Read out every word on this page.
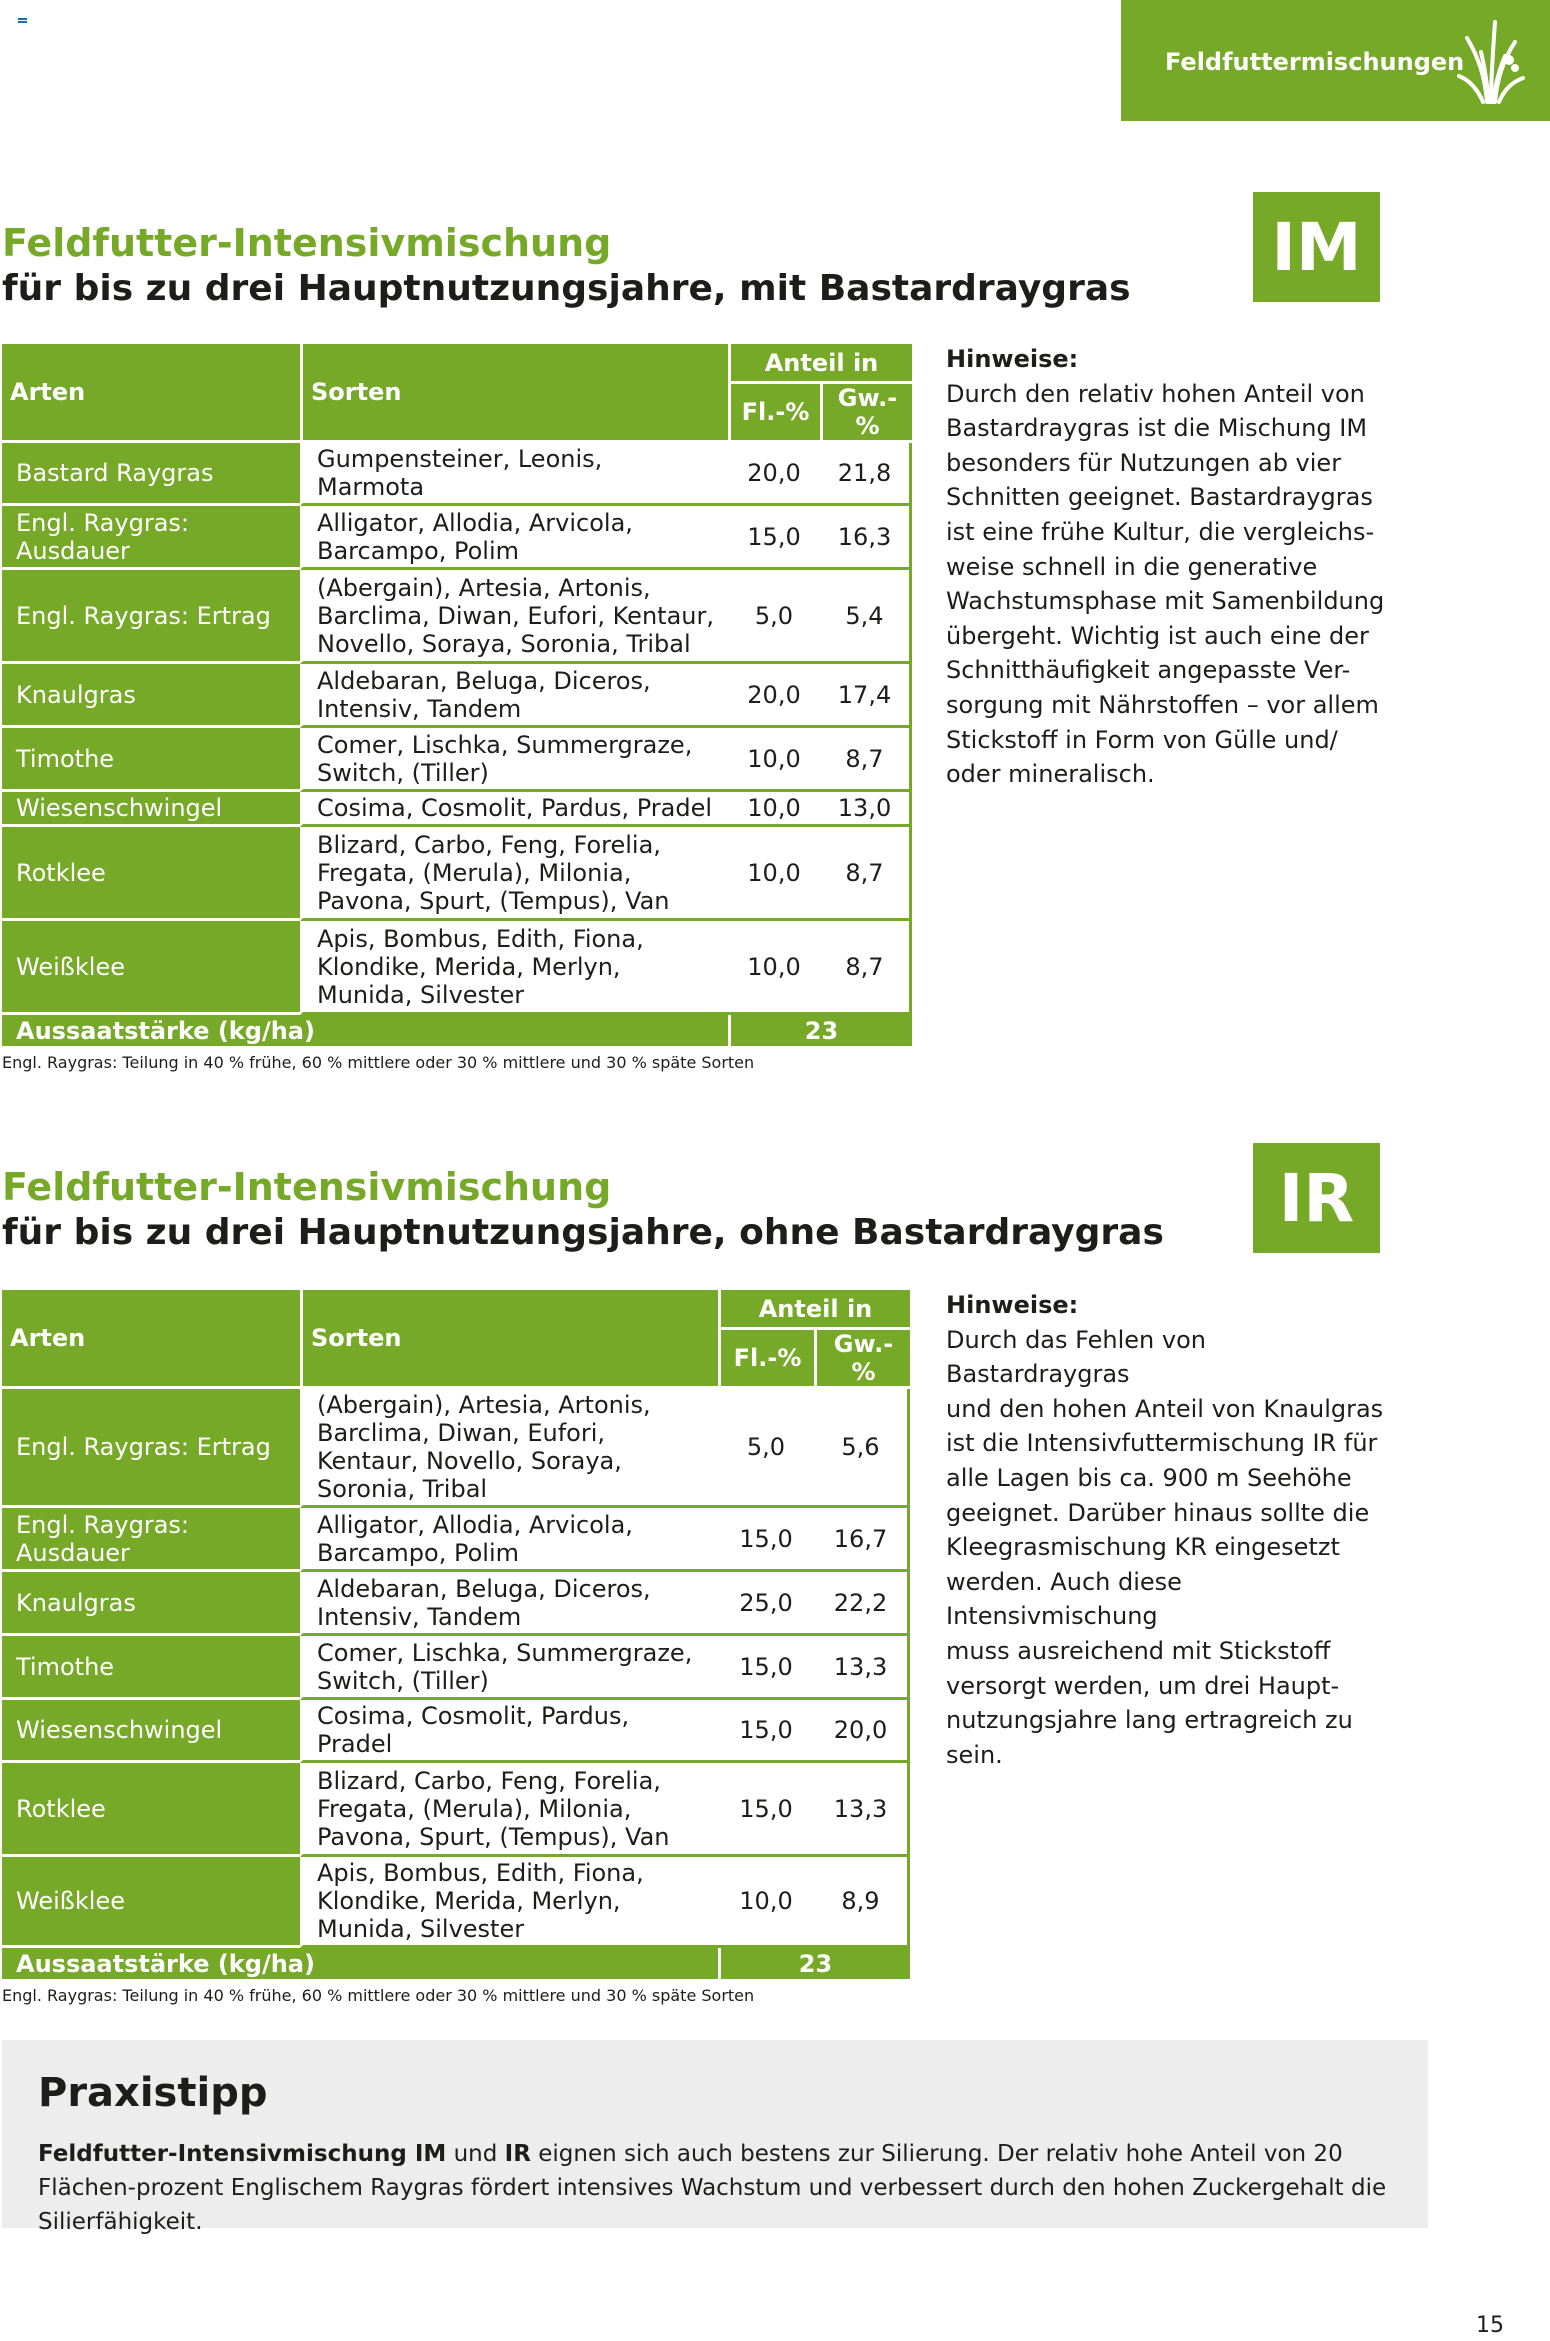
Feldfuttermischungen
Feldfutter-Intensivmischung
für bis zu drei Hauptnutzungsjahre, mit Bastardraygras
IM
Arten	Sorten	Anteil in	
		Fl.-%	Gw.-%
Bastard Raygras	Gumpensteiner, Leonis, Marmota	20,0	21,8
Engl. Raygras: Ausdauer	Alligator, Allodia, Arvicola, Barcampo, Polim	15,0	16,3
Engl. Raygras: Ertrag	(Abergain), Artesia, Artonis, Barclima, Diwan, Eufori, Kentaur, Novello, Soraya, Soronia, Tribal	5,0	5,4
Knaulgras	Aldebaran, Beluga, Diceros, Intensiv, Tandem	20,0	17,4
Timothe	Comer, Lischka, Summergraze, Switch, (Tiller)	10,0	8,7
Wiesenschwingel	Cosima, Cosmolit, Pardus, Pradel	10,0	13,0
Rotklee	Blizard, Carbo, Feng, Forelia, Fregata, (Merula), Milonia, Pavona, Spurt, (Tempus), Van	10,0	8,7
Weißklee	Apis, Bombus, Edith, Fiona, Klondike, Merida, Merlyn, Munida, Silvester	10,0	8,7
Aussaatstärke (kg/ha)		23	
Engl. Raygras: Teilung in 40 % frühe, 60 % mittlere oder 30 % mittlere und 30 % späte Sorten
Hinweise:
Durch den relativ hohen Anteil von
Bastardraygras ist die Mischung IM
besonders für Nutzungen ab vier
Schnitten geeignet. Bastardraygras
ist eine frühe Kultur, die vergleichs-
weise schnell in die generative
Wachstumsphase mit Samenbildung
übergeht. Wichtig ist auch eine der
Schnitthäufigkeit angepasste Ver-
sorgung mit Nährstoffen – vor allem
Stickstoff in Form von Gülle und/
oder mineralisch.
Feldfutter-Intensivmischung
für bis zu drei Hauptnutzungsjahre, ohne Bastardraygras	IR
Arten	Sorten	Anteil in	
		Fl.-%	Gw.-%
Engl. Raygras: Ertrag	(Abergain), Artesia, Artonis, Barclima, Diwan, Eufori, Kentaur, Novello, Soraya, Soronia, Tribal	5,0	5,6
Engl. Raygras: Ausdauer	Alligator, Allodia, Arvicola, Barcampo, Polim	15,0	16,7
Knaulgras	Aldebaran, Beluga, Diceros, Intensiv, Tandem	25,0	22,2
Timothe	Comer, Lischka, Summergraze, Switch, (Tiller)	15,0	13,3
Wiesenschwingel	Cosima, Cosmolit, Pardus, Pradel	15,0	20,0
Rotklee	Blizard, Carbo, Feng, Forelia, Fregata, (Merula), Milonia, Pavona, Spurt, (Tempus), Van	15,0	13,3
Weißklee	Apis, Bombus, Edith, Fiona, Klondike, Merida, Merlyn, Munida, Silvester	10,0	8,9
Aussaatstärke (kg/ha)		23	
Engl. Raygras: Teilung in 40 % frühe, 60 % mittlere oder 30 % mittlere und 30 % späte Sorten
Hinweise:
Durch das Fehlen von Bastardraygras
und den hohen Anteil von Knaulgras
ist die Intensivfuttermischung IR für
alle Lagen bis ca. 900 m Seehöhe
geeignet. Darüber hinaus sollte die
Kleegrasmischung KR eingesetzt
werden. Auch diese Intensivmischung
muss ausreichend mit Stickstoff
versorgt werden, um drei Haupt-
nutzungsjahre lang ertragreich zu
sein.
Praxistipp
Feldfutter-Intensivmischung IM und IR eignen sich auch bestens zur Silierung. Der relativ hohe Anteil von 20 Flächen-prozent Englischem Raygras fördert intensives Wachstum und verbessert durch den hohen Zuckergehalt die Silierfähigkeit.
15
